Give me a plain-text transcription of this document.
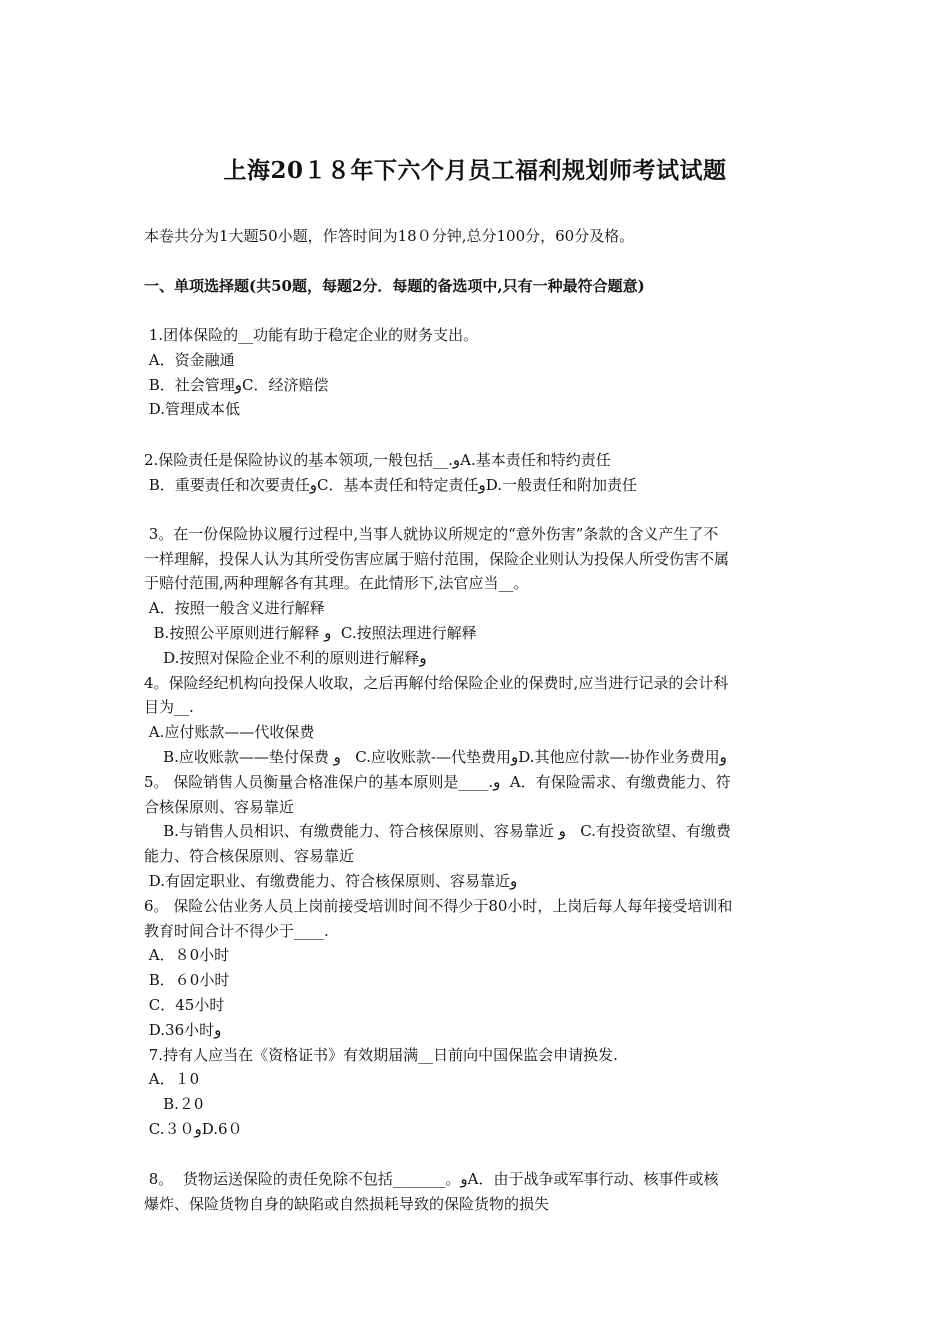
上海20１８年下六个月员工福利规划师考试试题
本卷共分为1大题50小题，作答时间为18０分钟,总分100分，60分及格。
一、单项选择题(共50题，每题2分．每题的备选项中,只有一种最符合题意)
1.团体保险的__功能有助于稳定企业的财务支出。
A．资金融通
B．社会管理وC．经济赔偿
D.管理成本低
2.保险责任是保险协议的基本领项,一般包括__.وA.基本责任和特约责任
B．重要责任和次要责任وC．基本责任和特定责任وD.一般责任和附加责任
3。在一份保险协议履行过程中,当事人就协议所规定的“意外伤害”条款的含义产生了不
一样理解，投保人认为其所受伤害应属于赔付范围，保险企业则认为投保人所受伤害不属
于赔付范围,两种理解各有其理。在此情形下,法官应当__。
A．按照一般含义进行解释
B.按照公平原则进行解释 و  C.按照法理进行解释
D.按照对保险企业不利的原则进行解释و
4。保险经纪机构向投保人收取，之后再解付给保险企业的保费时,应当进行记录的会计科
目为__.
A.应付账款——代收保费
B.应收账款——垫付保费 و   C.应收账款-—代垫费用وD.其他应付款—-协作业务费用و
5。 保险销售人员衡量合格准保户的基本原则是____.و  A．有保险需求、有缴费能力、符
合核保原则、容易靠近
B.与销售人员相识、有缴费能力、符合核保原则、容易靠近 و   C.有投资欲望、有缴费
能力、符合核保原则、容易靠近
D.有固定职业、有缴费能力、符合核保原则、容易靠近و
6。 保险公估业务人员上岗前接受培训时间不得少于80小时，上岗后每人每年接受培训和
教育时间合计不得少于____.
A．８0小时
B．６0小时
C．45小时
D.36小时و
7.持有人应当在《资格证书》有效期届满__日前向中国保监会申请换发.
A．１0
B.２0
C.３０وD.6０
8。  货物运送保险的责任免除不包括_______。وA．由于战争或军事行动、核事件或核
爆炸、保险货物自身的缺陷或自然损耗导致的保险货物的损失
